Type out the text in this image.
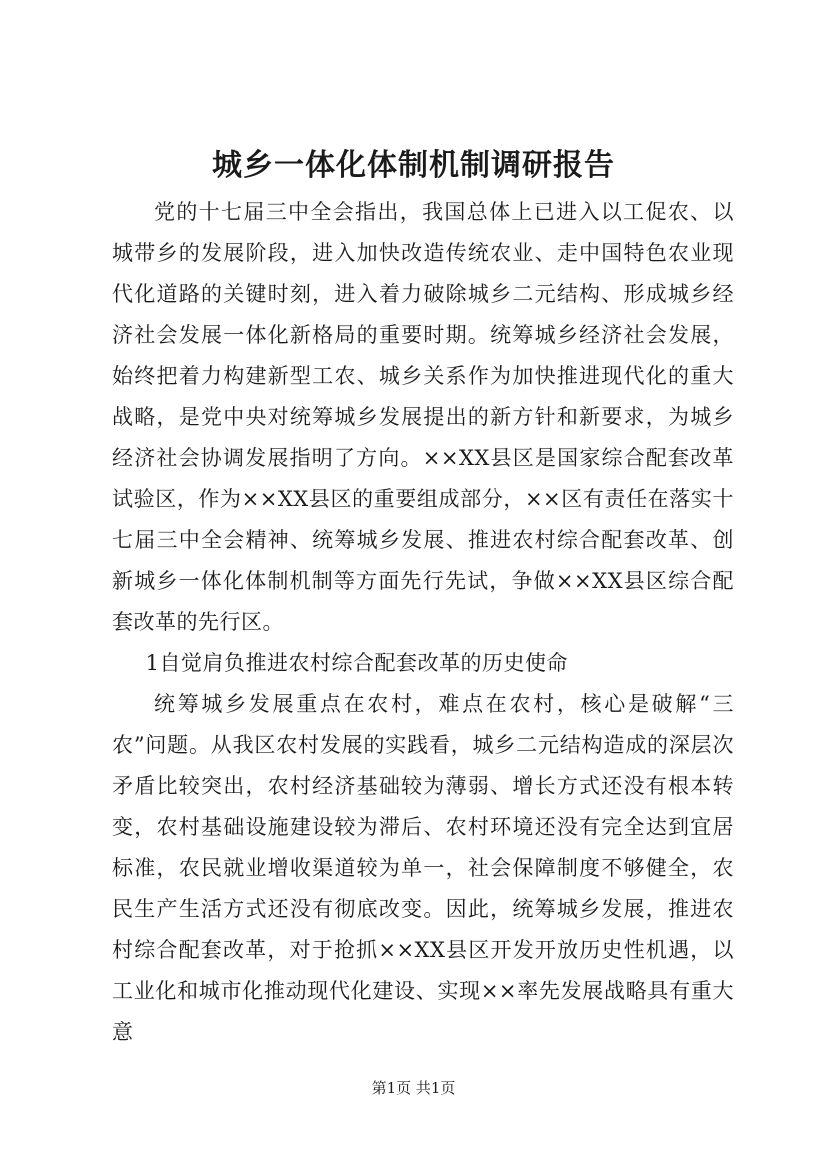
城乡一体化体制机制调研报告

党的十七届三中全会指出，我国总体上已进入以工促农、以城带乡的发展阶段，进入加快改造传统农业、走中国特色农业现代化道路的关键时刻，进入着力破除城乡二元结构、形成城乡经济社会发展一体化新格局的重要时期。统筹城乡经济社会发展，始终把着力构建新型工农、城乡关系作为加快推进现代化的重大战略，是党中央对统筹城乡发展提出的新方针和新要求，为城乡经济社会协调发展指明了方向。××XX县区是国家综合配套改革试验区，作为××XX县区的重要组成部分，××区有责任在落实十七届三中全会精神、统筹城乡发展、推进农村综合配套改革、创新城乡一体化体制机制等方面先行先试，争做××XX县区综合配套改革的先行区。

1自觉肩负推进农村综合配套改革的历史使命

统筹城乡发展重点在农村，难点在农村，核心是破解“三农”问题。从我区农村发展的实践看，城乡二元结构造成的深层次矛盾比较突出，农村经济基础较为薄弱、增长方式还没有根本转变，农村基础设施建设较为滞后、农村环境还没有完全达到宜居标准，农民就业增收渠道较为单一，社会保障制度不够健全，农民生产生活方式还没有彻底改变。因此，统筹城乡发展，推进农村综合配套改革，对于抢抓××XX县区开发开放历史性机遇，以工业化和城市化推动现代化建设、实现××率先发展战略具有重大意

第1页 共1页
